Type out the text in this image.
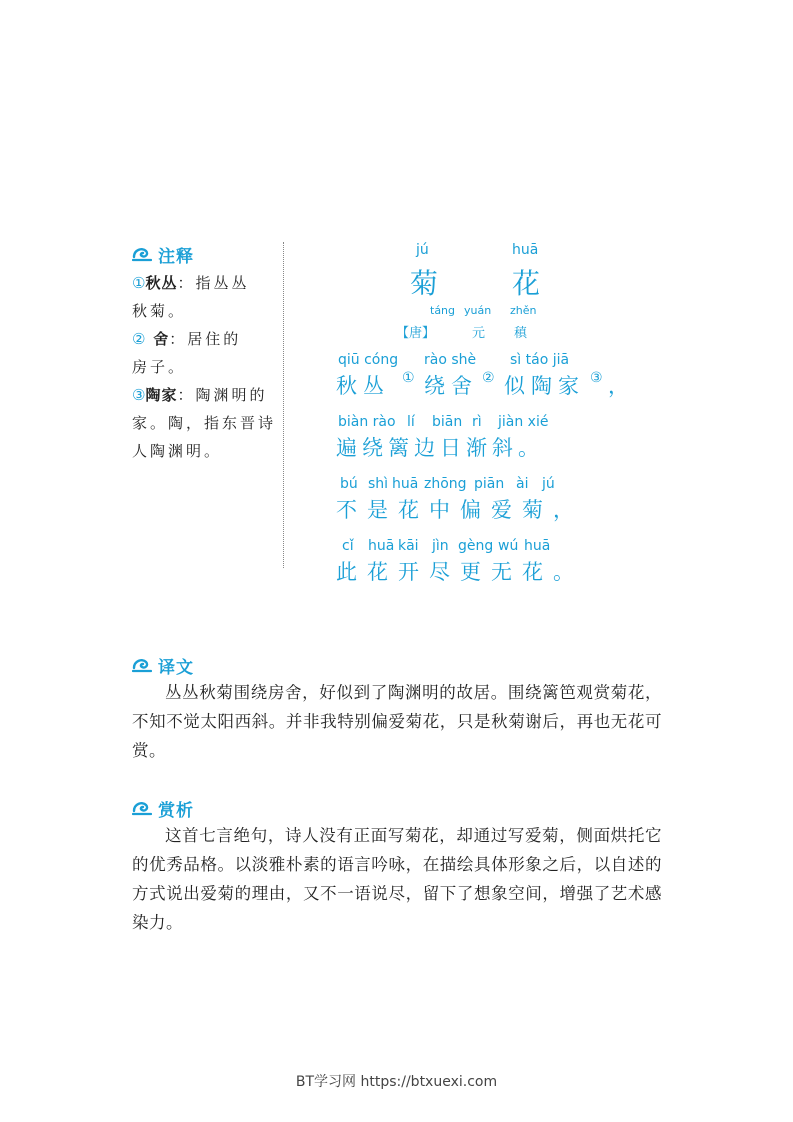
注释
①秋丛：指丛丛
秋菊。
② 舍：居住的
房子。
③陶家：陶渊明的
家。陶，指东晋诗
人陶渊明。
jú	huā
菊	花
táng yuán zhěn
【唐】	元 稹
qiū cóng rào shè sì táo jiā
秋丛 ① 绕舍 ② 似陶家 ③ ，
biàn rào lí biān rì jiàn xié
遍绕篱边日渐斜。
bú shì huā zhōng piān ài jú
不是花中偏爱菊，
cǐ huā kāi jìn gèng wú huā
此花开尽更无花。
译文
丛丛秋菊围绕房舍，好似到了陶渊明的故居。围绕篱笆观赏菊花，不知不觉太阳西斜。并非我特别偏爱菊花，只是秋菊谢后，再也无花可赏。
赏析
这首七言绝句，诗人没有正面写菊花，却通过写爱菊，侧面烘托它的优秀品格。以淡雅朴素的语言吟咏，在描绘具体形象之后，以自述的方式说出爱菊的理由，又不一语说尽，留下了想象空间，增强了艺术感染力。
BT学习网 https://btxuexi.com
